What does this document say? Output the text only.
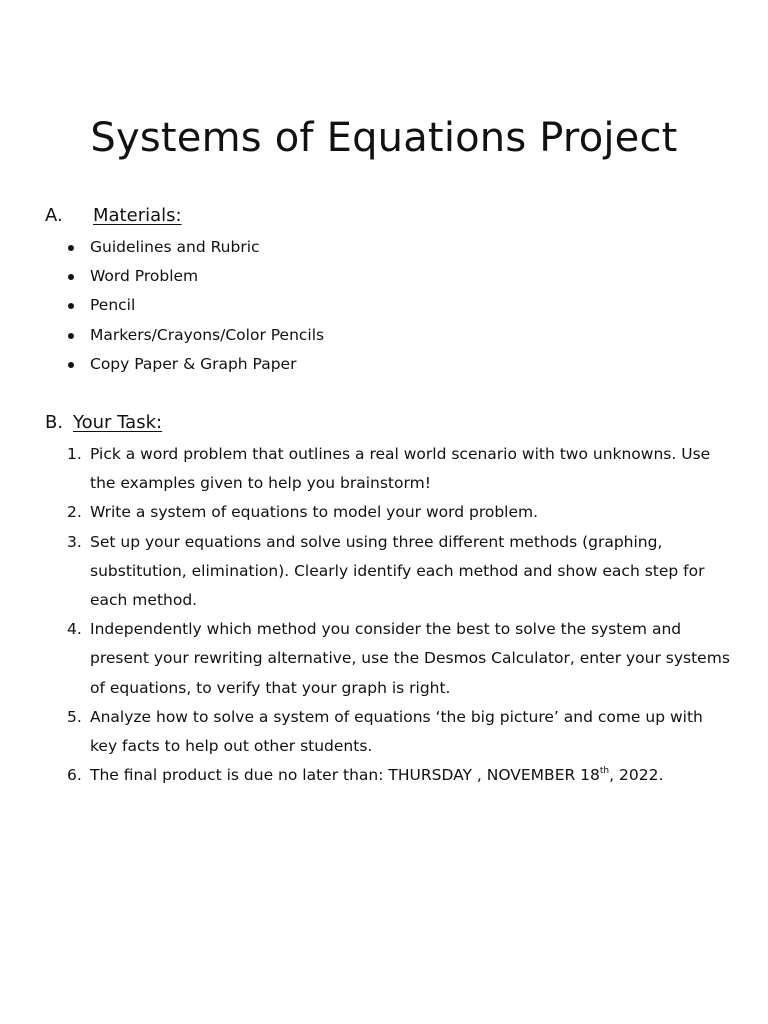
Systems of Equations Project
A. Materials:
Guidelines and Rubric
Word Problem
Pencil
Markers/Crayons/Color Pencils
Copy Paper & Graph Paper
B. Your Task:
1. Pick a word problem that outlines a real world scenario with two unknowns. Use the examples given to help you brainstorm!
2. Write a system of equations to model your word problem.
3. Set up your equations and solve using three different methods (graphing, substitution, elimination). Clearly identify each method and show each step for each method.
4. Independently which method you consider the best to solve the system and present your rewriting alternative, use the Desmos Calculator, enter your systems of equations, to verify that your graph is right.
5. Analyze how to solve a system of equations ‘the big picture’ and come up with key facts to help out other students.
6. The final product is due no later than: THURSDAY , NOVEMBER 18th, 2022.
